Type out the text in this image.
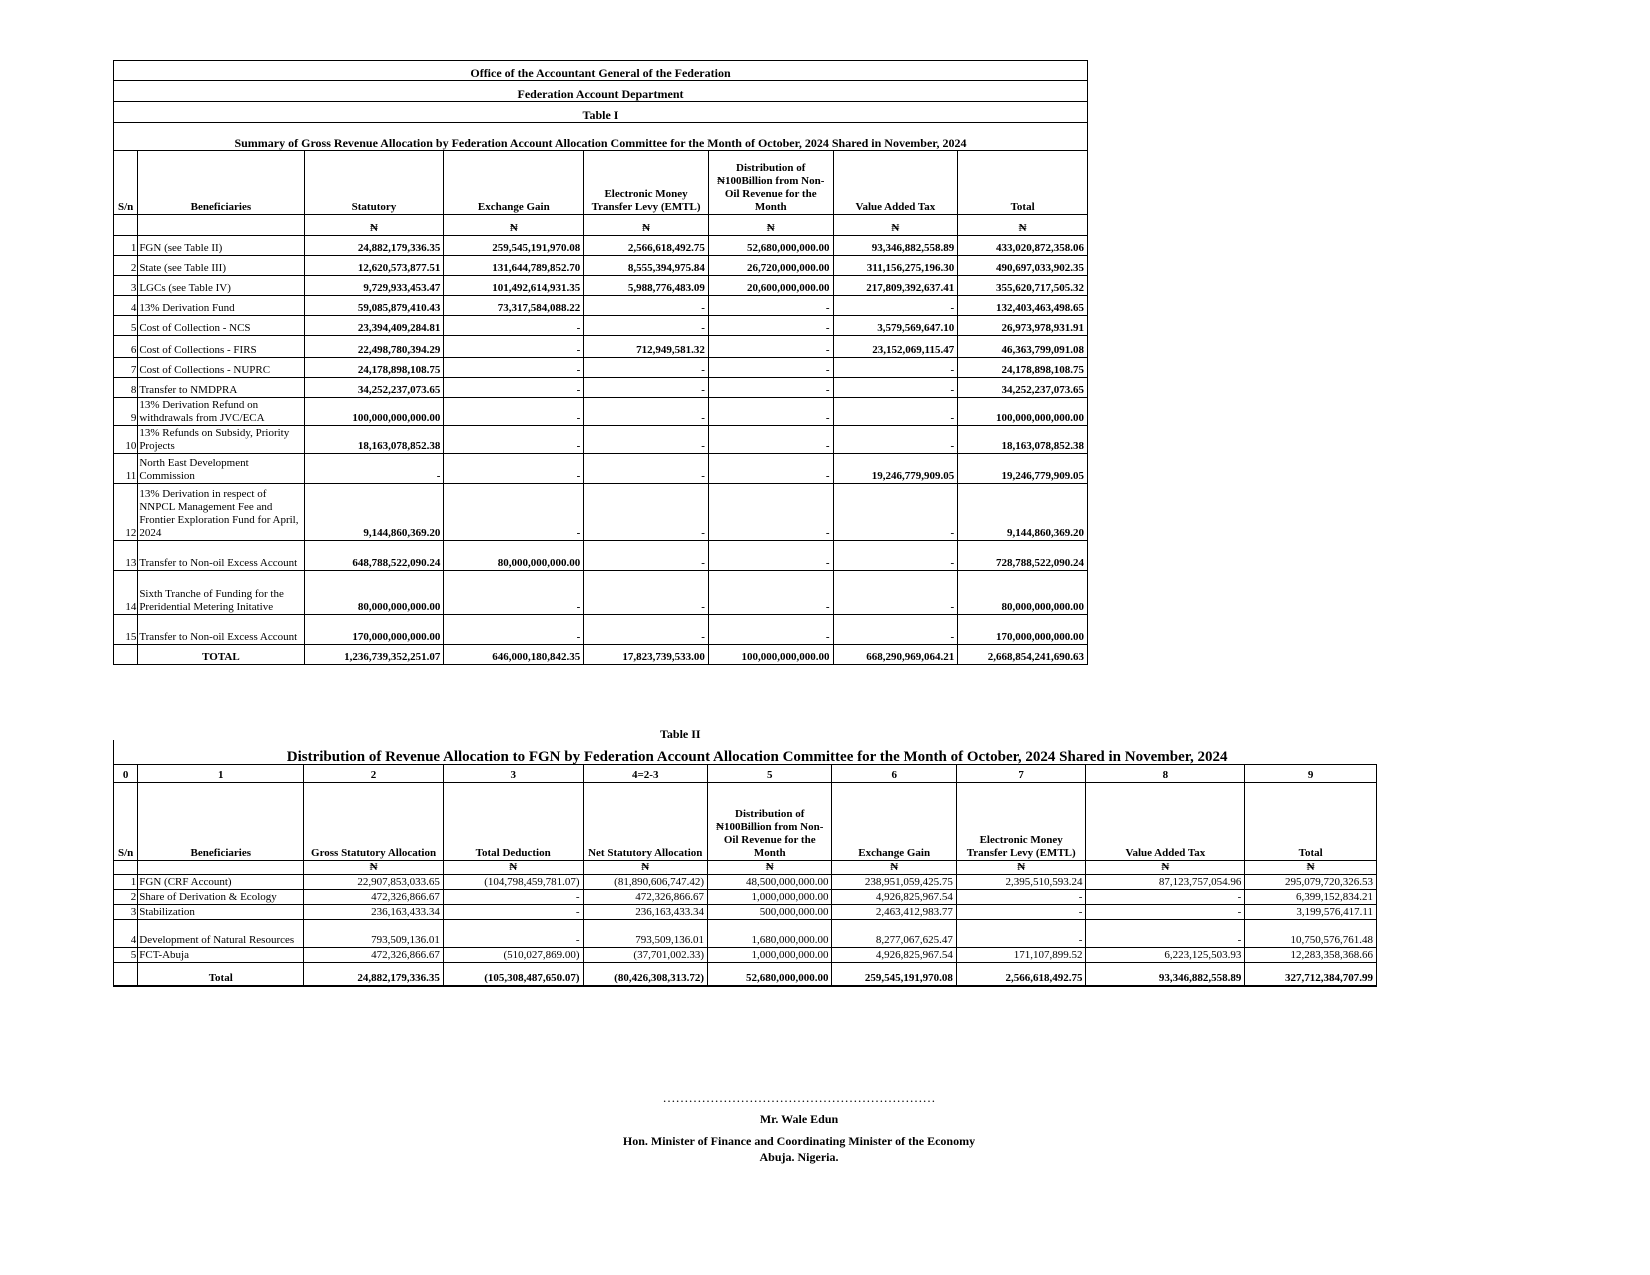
Office of the Accountant General of the Federation							
Federation Account Department							
Table I							
Summary of Gross Revenue Allocation by Federation Account Allocation Committee for the Month of October, 2024 Shared in November, 2024							
S/n	Beneficiaries	Statutory	Exchange Gain	Electronic Money Transfer Levy (EMTL)	Distribution of ₦100Billion from Non-Oil Revenue for the Month	Value Added Tax	Total
		₦	₦	₦	₦	₦	₦
1	FGN (see Table II)	24,882,179,336.35	259,545,191,970.08	2,566,618,492.75	52,680,000,000.00	93,346,882,558.89	433,020,872,358.06
2	State (see Table III)	12,620,573,877.51	131,644,789,852.70	8,555,394,975.84	26,720,000,000.00	311,156,275,196.30	490,697,033,902.35
3	LGCs (see Table IV)	9,729,933,453.47	101,492,614,931.35	5,988,776,483.09	20,600,000,000.00	217,809,392,637.41	355,620,717,505.32
4	13% Derivation Fund	59,085,879,410.43	73,317,584,088.22	-	-	-	132,403,463,498.65
5	Cost of Collection - NCS	23,394,409,284.81	-	-	-	3,579,569,647.10	26,973,978,931.91
6	Cost of Collections - FIRS	22,498,780,394.29	-	712,949,581.32	-	23,152,069,115.47	46,363,799,091.08
7	Cost of Collections - NUPRC	24,178,898,108.75	-	-	-	-	24,178,898,108.75
8	Transfer to NMDPRA	34,252,237,073.65	-	-	-	-	34,252,237,073.65
9	13% Derivation Refund on withdrawals from JVC/ECA	100,000,000,000.00	-	-	-	-	100,000,000,000.00
10	13% Refunds on Subsidy, Priority Projects	18,163,078,852.38	-	-	-	-	18,163,078,852.38
11	North East Development Commission	-	-	-	-	19,246,779,909.05	19,246,779,909.05
12	13% Derivation in respect of NNPCL Management Fee and Frontier Exploration Fund for April, 2024	9,144,860,369.20	-	-	-	-	9,144,860,369.20
13	Transfer to Non-oil Excess Account	648,788,522,090.24	80,000,000,000.00	-	-	-	728,788,522,090.24
14	Sixth Tranche of Funding for the Preridential Metering Initative	80,000,000,000.00	-	-	-	-	80,000,000,000.00
15	Transfer to Non-oil Excess Account	170,000,000,000.00	-	-	-	-	170,000,000,000.00
	TOTAL	1,236,739,352,251.07	646,000,180,842.35	17,823,739,533.00	100,000,000,000.00	668,290,969,064.21	2,668,854,241,690.63
Table II
	Distribution of Revenue Allocation to FGN by Federation Account Allocation Committee for the Month of October, 2024 Shared in November, 2024								
0	1	2	3	4=2-3	5	6	7	8	9
S/n	Beneficiaries	Gross Statutory Allocation	Total Deduction	Net Statutory Allocation	Distribution of ₦100Billion from Non-Oil Revenue for the Month	Exchange Gain	Electronic Money Transfer Levy (EMTL)	Value Added Tax	Total
		₦	₦	₦	₦	₦	₦	₦	₦
1	FGN (CRF Account)	22,907,853,033.65	(104,798,459,781.07)	(81,890,606,747.42)	48,500,000,000.00	238,951,059,425.75	2,395,510,593.24	87,123,757,054.96	295,079,720,326.53
2	Share of Derivation & Ecology	472,326,866.67	-	472,326,866.67	1,000,000,000.00	4,926,825,967.54	-	-	6,399,152,834.21
3	Stabilization	236,163,433.34	-	236,163,433.34	500,000,000.00	2,463,412,983.77	-	-	3,199,576,417.11
4	Development of Natural Resources	793,509,136.01	-	793,509,136.01	1,680,000,000.00	8,277,067,625.47	-	-	10,750,576,761.48
5	FCT-Abuja	472,326,866.67	(510,027,869.00)	(37,701,002.33)	1,000,000,000.00	4,926,825,967.54	171,107,899.52	6,223,125,503.93	12,283,358,368.66
	Total	24,882,179,336.35	(105,308,487,650.07)	(80,426,308,313.72)	52,680,000,000.00	259,545,191,970.08	2,566,618,492.75	93,346,882,558.89	327,712,384,707.99
………………………………………………………
Mr. Wale Edun
Hon. Minister of Finance and Coordinating Minister of the Economy
Abuja. Nigeria.
